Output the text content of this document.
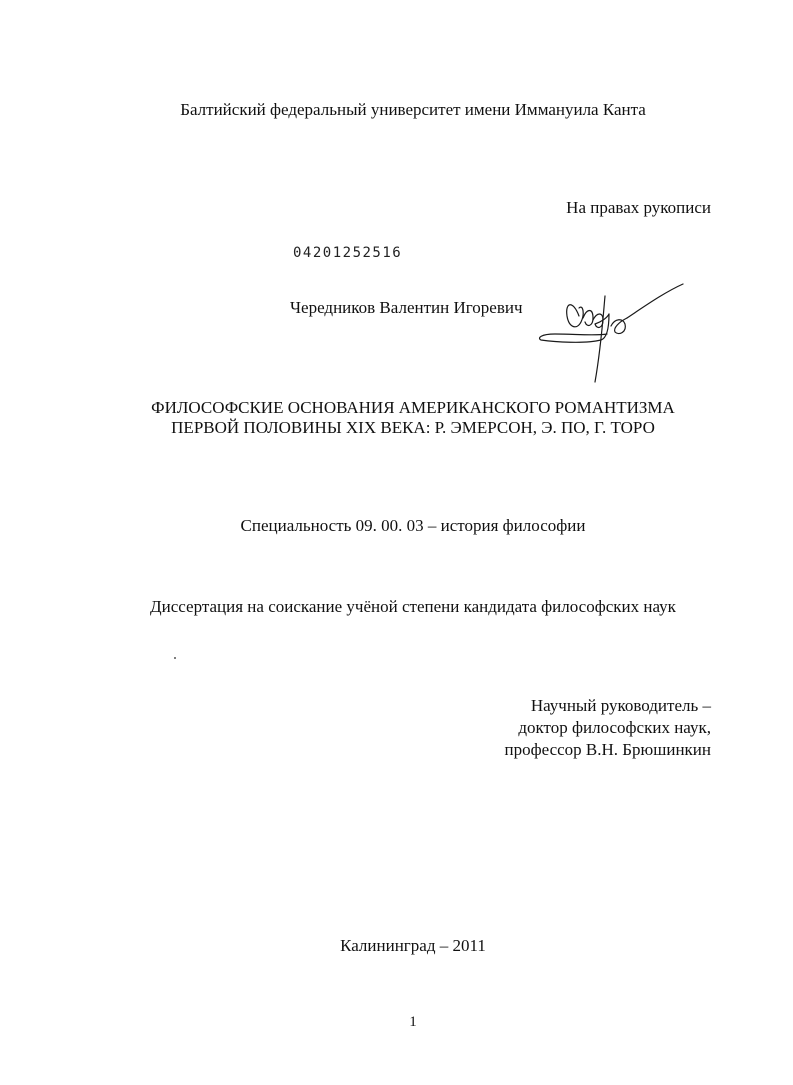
Балтийский федеральный университет имени Иммануила Канта
На правах рукописи
04201252516
Чередников Валентин Игоревич
ФИЛОСОФСКИЕ ОСНОВАНИЯ АМЕРИКАНСКОГО РОМАНТИЗМА
ПЕРВОЙ ПОЛОВИНЫ XIX ВЕКА: Р. ЭМЕРСОН, Э. ПО, Г. ТОРО
Специальность 09. 00. 03 – история философии
Диссертация на соискание учёной степени кандидата философских наук
Научный руководитель –
доктор философских наук,
профессор В.Н. Брюшинкин
Калининград – 2011
1
